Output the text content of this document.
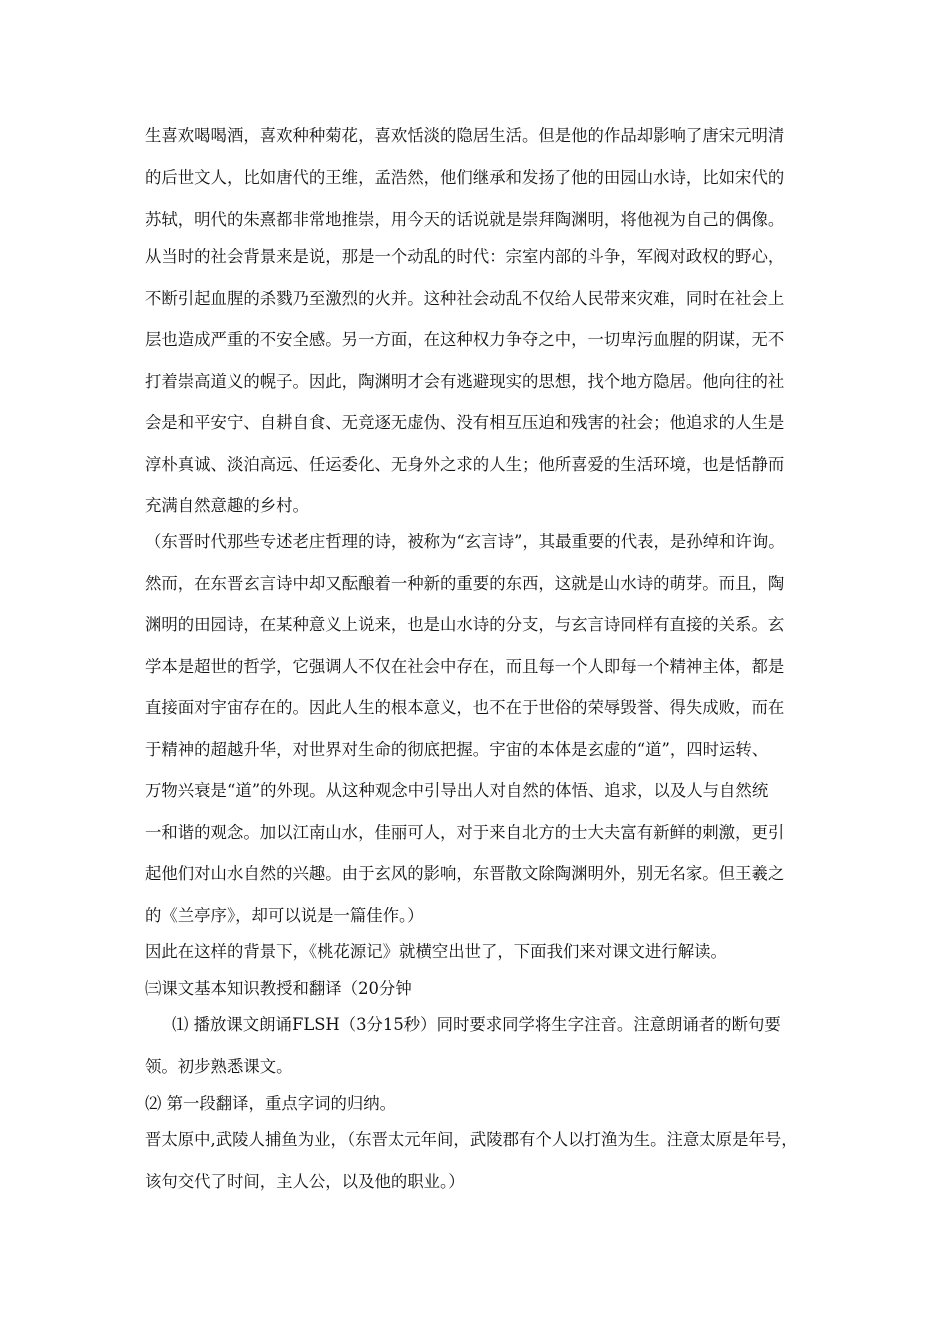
生喜欢喝喝酒，喜欢种种菊花，喜欢恬淡的隐居生活。但是他的作品却影响了唐宋元明清
的后世文人，比如唐代的王维，孟浩然，他们继承和发扬了他的田园山水诗，比如宋代的
苏轼，明代的朱熹都非常地推崇，用今天的话说就是崇拜陶渊明，将他视为自己的偶像。
从当时的社会背景来是说，那是一个动乱的时代：宗室内部的斗争，军阀对政权的野心，
不断引起血腥的杀戮乃至激烈的火并。这种社会动乱不仅给人民带来灾难，同时在社会上
层也造成严重的不安全感。另一方面，在这种权力争夺之中，一切卑污血腥的阴谋，无不
打着崇高道义的幌子。因此，陶渊明才会有逃避现实的思想，找个地方隐居。他向往的社
会是和平安宁、自耕自食、无竞逐无虚伪、没有相互压迫和残害的社会；他追求的人生是
淳朴真诚、淡泊高远、任运委化、无身外之求的人生；他所喜爱的生活环境，也是恬静而
充满自然意趣的乡村。
（东晋时代那些专述老庄哲理的诗，被称为“玄言诗”，其最重要的代表，是孙绰和许询。
然而，在东晋玄言诗中却又酝酿着一种新的重要的东西，这就是山水诗的萌芽。而且，陶
渊明的田园诗，在某种意义上说来，也是山水诗的分支，与玄言诗同样有直接的关系。玄
学本是超世的哲学，它强调人不仅在社会中存在，而且每一个人即每一个精神主体，都是
直接面对宇宙存在的。因此人生的根本意义，也不在于世俗的荣辱毁誉、得失成败，而在
于精神的超越升华，对世界对生命的彻底把握。宇宙的本体是玄虚的“道”，四时运转、
万物兴衰是“道”的外现。从这种观念中引导出人对自然的体悟、追求，以及人与自然统
一和谐的观念。加以江南山水，佳丽可人，对于来自北方的士大夫富有新鲜的刺激，更引
起他们对山水自然的兴趣。由于玄风的影响，东晋散文除陶渊明外，别无名家。但王羲之
的《兰亭序》，却可以说是一篇佳作。）
因此在这样的背景下，《桃花源记》就横空出世了，下面我们来对课文进行解读。
㈢课文基本知识教授和翻译（20分钟
⑴ 播放课文朗诵FLSH（3分15秒）同时要求同学将生字注音。注意朗诵者的断句要
领。初步熟悉课文。
⑵ 第一段翻译，重点字词的归纳。
晋太原中,武陵人捕鱼为业，（东晋太元年间，武陵郡有个人以打渔为生。注意太原是年号，
该句交代了时间，主人公，以及他的职业。）
